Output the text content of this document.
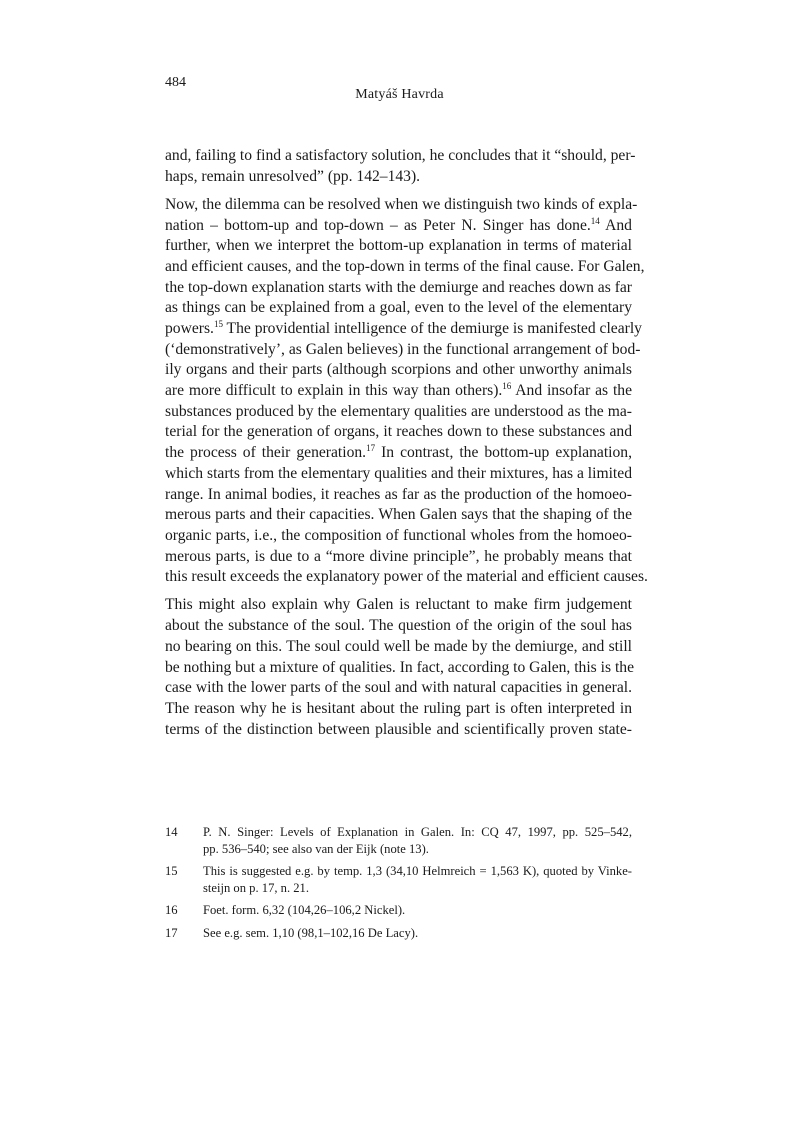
484
Matyáš Havrda
and, failing to find a satisfactory solution, he concludes that it “should, per-
haps, remain unresolved” (pp. 142–143).
Now, the dilemma can be resolved when we distinguish two kinds of expla-
nation – bottom-up and top-down – as Peter N. Singer has done.$^{14}$ And
further, when we interpret the bottom-up explanation in terms of material
and efficient causes, and the top-down in terms of the final cause. For Galen,
the top-down explanation starts with the demiurge and reaches down as far
as things can be explained from a goal, even to the level of the elementary
powers.$^{15}$ The providential intelligence of the demiurge is manifested clearly
(‘demonstratively’, as Galen believes) in the functional arrangement of bod-
ily organs and their parts (although scorpions and other unworthy animals
are more difficult to explain in this way than others).$^{16}$ And insofar as the
substances produced by the elementary qualities are understood as the ma-
terial for the generation of organs, it reaches down to these substances and
the process of their generation.$^{17}$ In contrast, the bottom-up explanation,
which starts from the elementary qualities and their mixtures, has a limited
range. In animal bodies, it reaches as far as the production of the homoeo-
merous parts and their capacities. When Galen says that the shaping of the
organic parts, i.e., the composition of functional wholes from the homoeo-
merous parts, is due to a “more divine principle”, he probably means that
this result exceeds the explanatory power of the material and efficient causes.
This might also explain why Galen is reluctant to make firm judgement
about the substance of the soul. The question of the origin of the soul has
no bearing on this. The soul could well be made by the demiurge, and still
be nothing but a mixture of qualities. In fact, according to Galen, this is the
case with the lower parts of the soul and with natural capacities in general.
The reason why he is hesitant about the ruling part is often interpreted in
terms of the distinction between plausible and scientifically proven state-
14	P. N. Singer: Levels of Explanation in Galen. In: CQ 47, 1997, pp. 525–542,
pp. 536–540; see also van der Eijk (note 13).
15	This is suggested e.g. by temp. 1,3 (34,10 Helmreich = 1,563 K), quoted by Vinke-
steijn on p. 17, n. 21.
16	Foet. form. 6,32 (104,26–106,2 Nickel).
17	See e.g. sem. 1,10 (98,1–102,16 De Lacy).
